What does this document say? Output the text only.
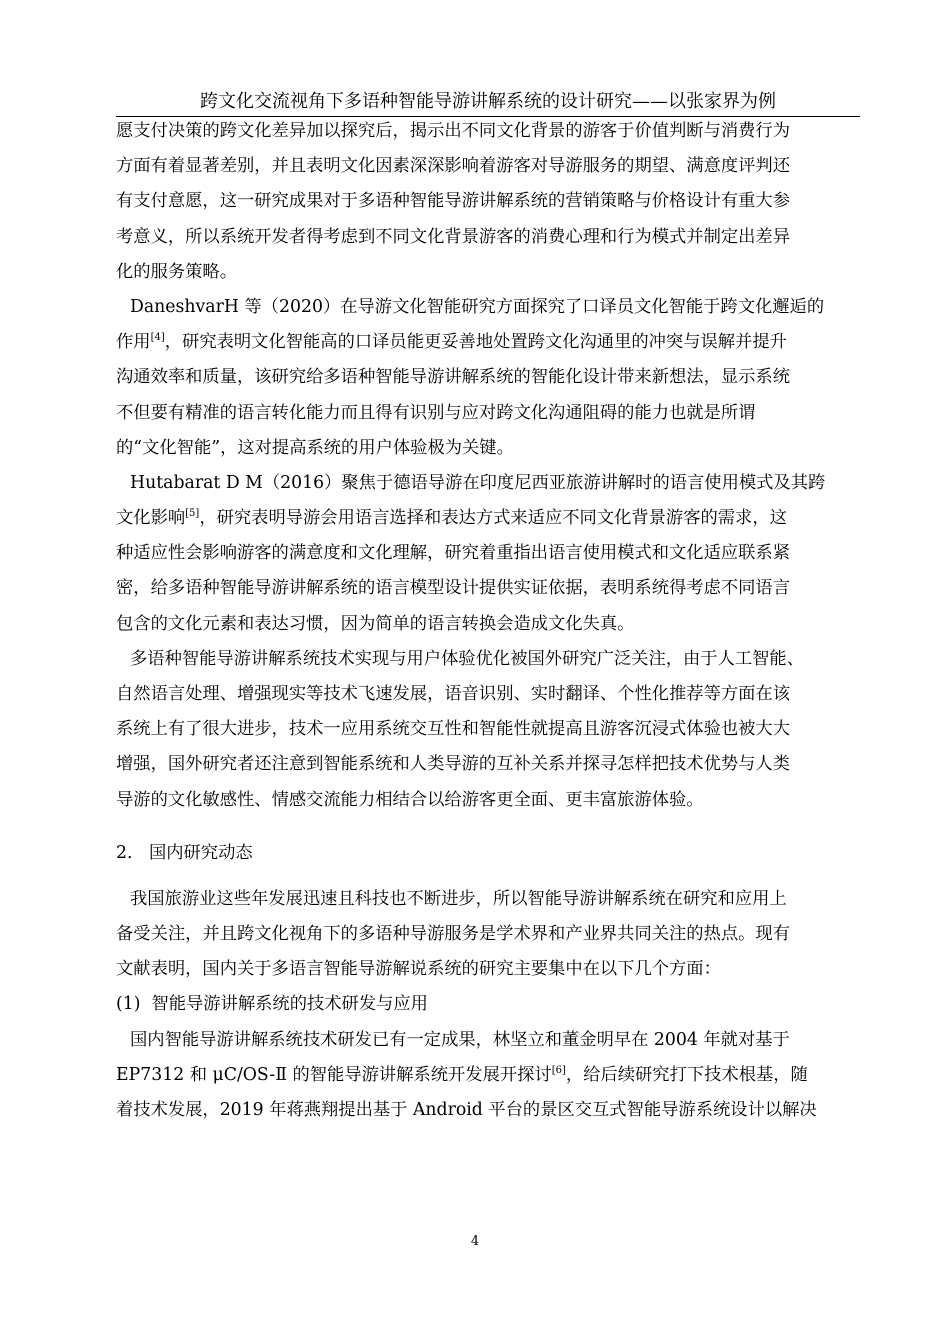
跨文化交流视角下多语种智能导游讲解系统的设计研究——以张家界为例
愿支付决策的跨文化差异加以探究后，揭示出不同文化背景的游客于价值判断与消费行为
方面有着显著差别，并且表明文化因素深深影响着游客对导游服务的期望、满意度评判还
有支付意愿，这一研究成果对于多语种智能导游讲解系统的营销策略与价格设计有重大参
考意义，所以系统开发者得考虑到不同文化背景游客的消费心理和行为模式并制定出差异
化的服务策略。
DaneshvarH 等（2020）在导游文化智能研究方面探究了口译员文化智能于跨文化邂逅的
作用[4]，研究表明文化智能高的口译员能更妥善地处置跨文化沟通里的冲突与误解并提升
沟通效率和质量，该研究给多语种智能导游讲解系统的智能化设计带来新想法，显示系统
不但要有精准的语言转化能力而且得有识别与应对跨文化沟通阻碍的能力也就是所谓
的“文化智能”，这对提高系统的用户体验极为关键。
Hutabarat D M（2016）聚焦于德语导游在印度尼西亚旅游讲解时的语言使用模式及其跨
文化影响[5]，研究表明导游会用语言选择和表达方式来适应不同文化背景游客的需求，这
种适应性会影响游客的满意度和文化理解，研究着重指出语言使用模式和文化适应联系紧
密，给多语种智能导游讲解系统的语言模型设计提供实证依据，表明系统得考虑不同语言
包含的文化元素和表达习惯，因为简单的语言转换会造成文化失真。
多语种智能导游讲解系统技术实现与用户体验优化被国外研究广泛关注，由于人工智能、
自然语言处理、增强现实等技术飞速发展，语音识别、实时翻译、个性化推荐等方面在该
系统上有了很大进步，技术一应用系统交互性和智能性就提高且游客沉浸式体验也被大大
增强，国外研究者还注意到智能系统和人类导游的互补关系并探寻怎样把技术优势与人类
导游的文化敏感性、情感交流能力相结合以给游客更全面、更丰富旅游体验。
2.   国内研究动态
我国旅游业这些年发展迅速且科技也不断进步，所以智能导游讲解系统在研究和应用上
备受关注，并且跨文化视角下的多语种导游服务是学术界和产业界共同关注的热点。现有
文献表明，国内关于多语言智能导游解说系统的研究主要集中在以下几个方面：
(1)  智能导游讲解系统的技术研发与应用
国内智能导游讲解系统技术研发已有一定成果，林坚立和董金明早在 2004 年就对基于
EP7312 和 μC/OS-Ⅱ 的智能导游讲解系统开发展开探讨[6]，给后续研究打下技术根基，随
着技术发展，2019 年蒋燕翔提出基于 Android 平台的景区交互式智能导游系统设计以解决
4
